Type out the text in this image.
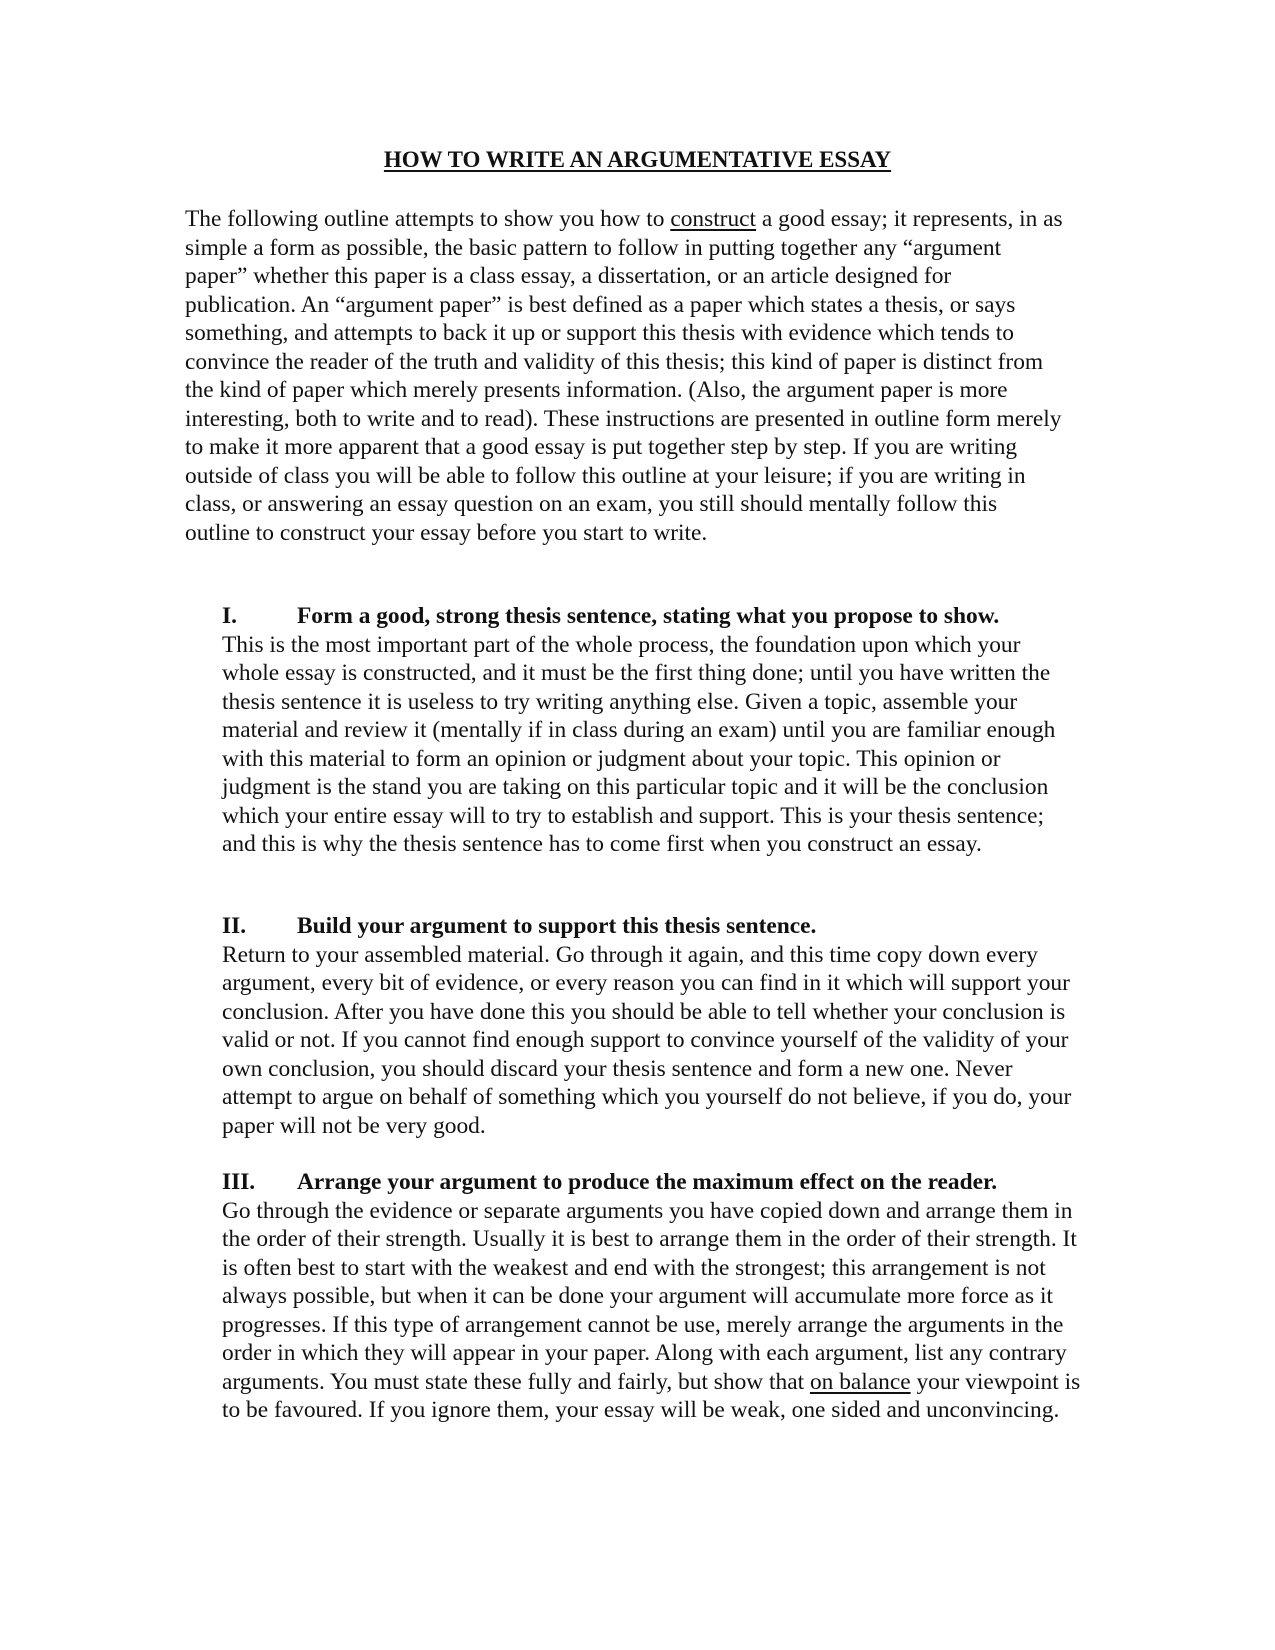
HOW TO WRITE AN ARGUMENTATIVE ESSAY

The following outline attempts to show you how to construct a good essay; it represents, in as simple a form as possible, the basic pattern to follow in putting together any “argument paper” whether this paper is a class essay, a dissertation, or an article designed for publication. An “argument paper” is best defined as a paper which states a thesis, or says something, and attempts to back it up or support this thesis with evidence which tends to convince the reader of the truth and validity of this thesis; this kind of paper is distinct from the kind of paper which merely presents information. (Also, the argument paper is more interesting, both to write and to read). These instructions are presented in outline form merely to make it more apparent that a good essay is put together step by step. If you are writing outside of class you will be able to follow this outline at your leisure; if you are writing in class, or answering an essay question on an exam, you still should mentally follow this outline to construct your essay before you start to write.

I.	Form a good, strong thesis sentence, stating what you propose to show.

This is the most important part of the whole process, the foundation upon which your whole essay is constructed, and it must be the first thing done; until you have written the thesis sentence it is useless to try writing anything else. Given a topic, assemble your material and review it (mentally if in class during an exam) until you are familiar enough with this material to form an opinion or judgment about your topic. This opinion or judgment is the stand you are taking on this particular topic and it will be the conclusion which your entire essay will to try to establish and support. This is your thesis sentence; and this is why the thesis sentence has to come first when you construct an essay.

II. Build your argument to support this thesis sentence.

Return to your assembled material. Go through it again, and this time copy down every argument, every bit of evidence, or every reason you can find in it which will support your conclusion. After you have done this you should be able to tell whether your conclusion is valid or not. If you cannot find enough support to convince yourself of the validity of your own conclusion, you should discard your thesis sentence and form a new one. Never attempt to argue on behalf of something which you yourself do not believe, if you do, your paper will not be very good.

III. Arrange your argument to produce the maximum effect on the reader.

Go through the evidence or separate arguments you have copied down and arrange them in the order of their strength. Usually it is best to arrange them in the order of their strength. It is often best to start with the weakest and end with the strongest; this arrangement is not always possible, but when it can be done your argument will accumulate more force as it progresses. If this type of arrangement cannot be use, merely arrange the arguments in the order in which they will appear in your paper. Along with each argument, list any contrary arguments. You must state these fully and fairly, but show that on balance your viewpoint is to be favoured. If you ignore them, your essay will be weak, one sided and unconvincing.
